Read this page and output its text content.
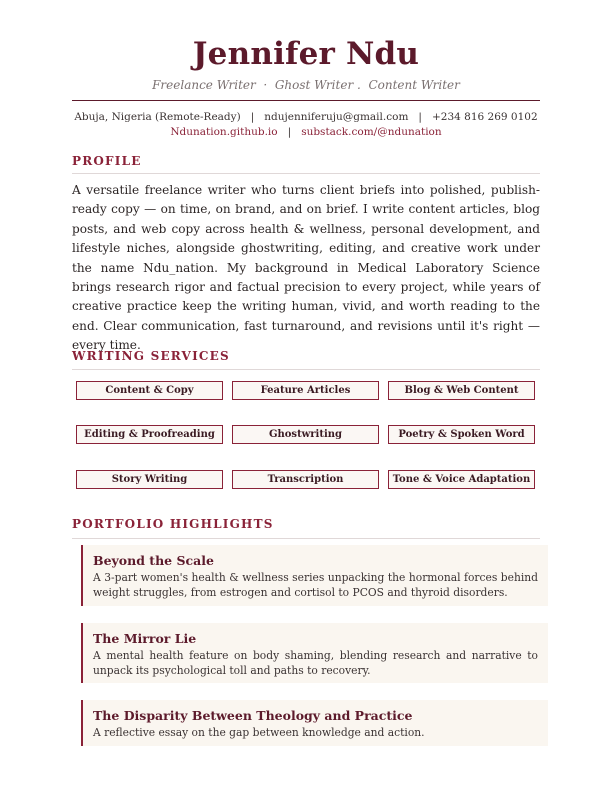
Jennifer Ndu
Freelance Writer  ·  Ghost Writer .  Content Writer
Abuja, Nigeria (Remote-Ready) | ndujenniferuju@gmail.com | +234 816 269 0102
Ndunation.github.io | substack.com/@ndunation
PROFILE
A versatile freelance writer who turns client briefs into polished, publish-ready copy — on time, on brand, and on brief. I write content articles, blog posts, and web copy across health & wellness, personal development, and lifestyle niches, alongside ghostwriting, editing, and creative work under the name Ndu_nation. My background in Medical Laboratory Science brings research rigor and factual precision to every project, while years of creative practice keep the writing human, vivid, and worth reading to the end. Clear communication, fast turnaround, and revisions until it's right — every time.
WRITING SERVICES
Content & Copy	Feature Articles	Blog & Web Content
Editing & Proofreading	Ghostwriting	Poetry & Spoken Word
Story Writing	Transcription	Tone & Voice Adaptation
PORTFOLIO HIGHLIGHTS
Beyond the Scale
A 3-part women's health & wellness series unpacking the hormonal forces behind weight struggles, from estrogen and cortisol to PCOS and thyroid disorders.
The Mirror Lie
A mental health feature on body shaming, blending research and narrative to unpack its psychological toll and paths to recovery.
The Disparity Between Theology and Practice
A reflective essay on the gap between knowledge and action.
